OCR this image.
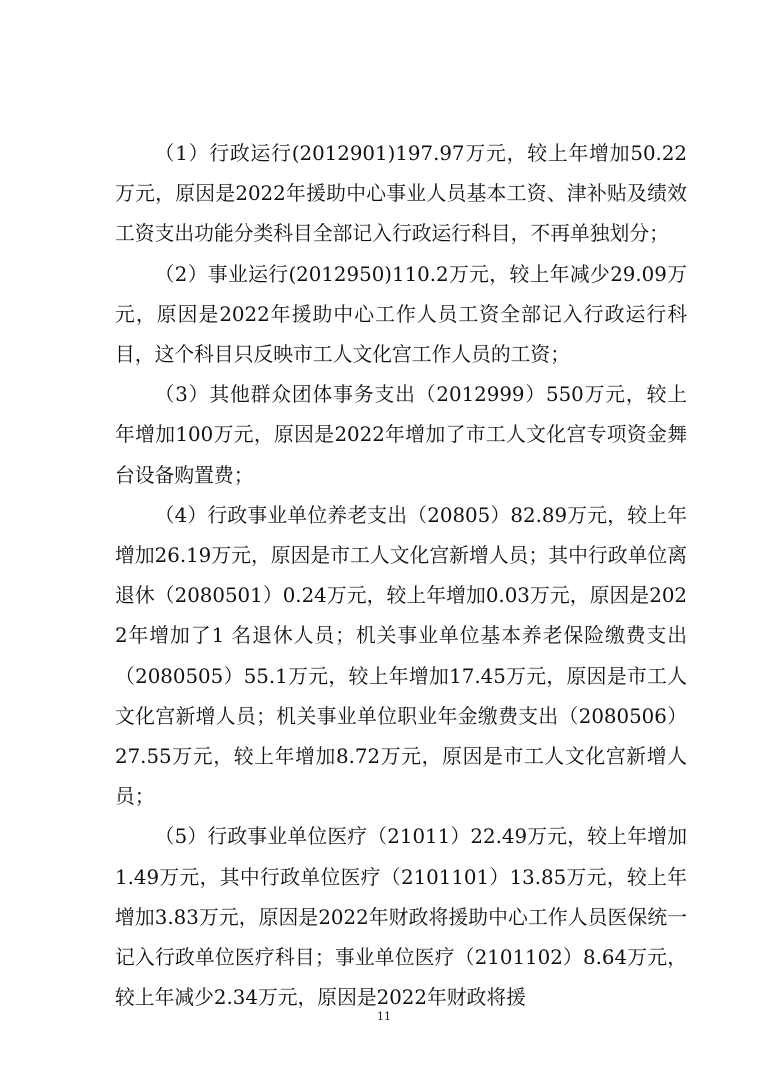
（1）行政运行(2012901)197.97万元，较上年增加50.22万元，原因是2022年援助中心事业人员基本工资、津补贴及绩效工资支出功能分类科目全部记入行政运行科目，不再单独划分；

（2）事业运行(2012950)110.2万元，较上年减少29.09万元，原因是2022年援助中心工作人员工资全部记入行政运行科目，这个科目只反映市工人文化宫工作人员的工资；

（3）其他群众团体事务支出（2012999）550万元，较上年增加100万元，原因是2022年增加了市工人文化宫专项资金舞台设备购置费；

（4）行政事业单位养老支出（20805）82.89万元，较上年增加26.19万元，原因是市工人文化宫新增人员；其中行政单位离退休（2080501）0.24万元，较上年增加0.03万元，原因是2022年增加了1 名退休人员；机关事业单位基本养老保险缴费支出（2080505）55.1万元，较上年增加17.45万元，原因是市工人文化宫新增人员；机关事业单位职业年金缴费支出（2080506）27.55万元，较上年增加8.72万元，原因是市工人文化宫新增人员；

（5）行政事业单位医疗（21011）22.49万元，较上年增加1.49万元，其中行政单位医疗（2101101）13.85万元，较上年增加3.83万元，原因是2022年财政将援助中心工作人员医保统一记入行政单位医疗科目；事业单位医疗（2101102）8.64万元，较上年减少2.34万元，原因是2022年财政将援

11
